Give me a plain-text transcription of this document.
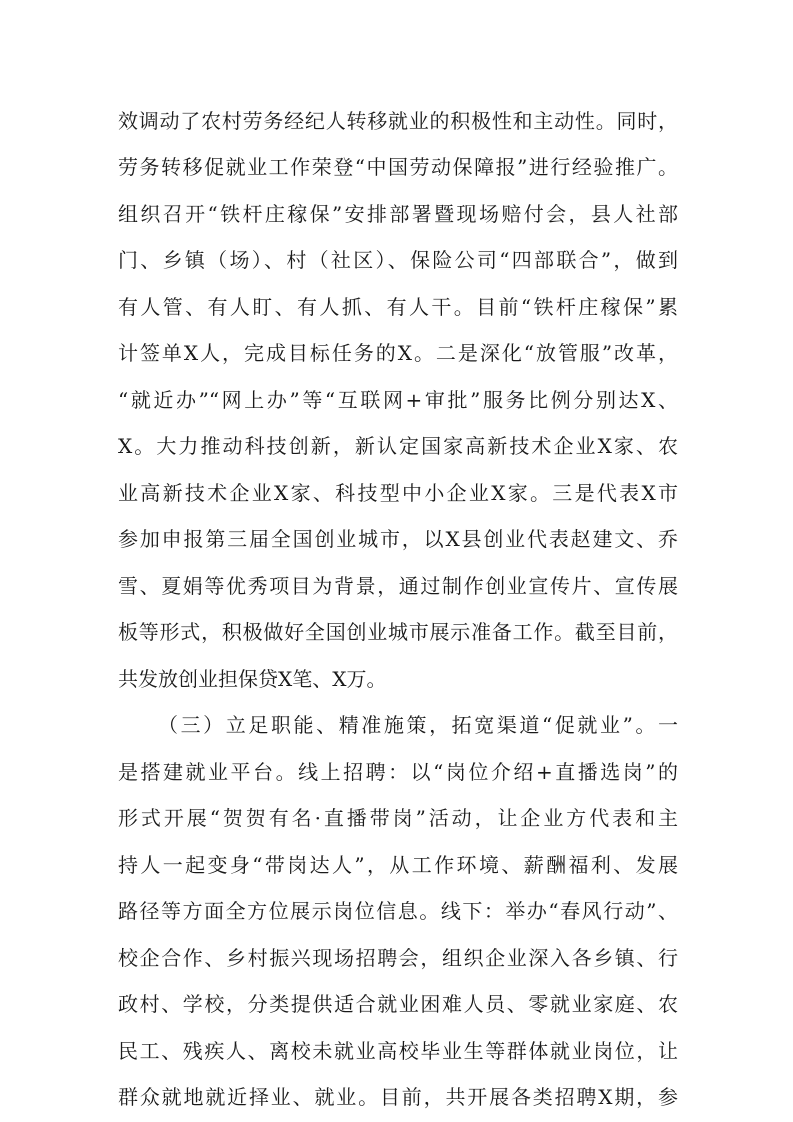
效调动了农村劳务经纪人转移就业的积极性和主动性。同时，
劳务转移促就业工作荣登“中国劳动保障报”进行经验推广。
组织召开“铁杆庄稼保”安排部署暨现场赔付会，县人社部
门、乡镇（场）、村（社区）、保险公司“四部联合”，做到
有人管、有人盯、有人抓、有人干。目前“铁杆庄稼保”累
计签单X人，完成目标任务的X。二是深化“放管服”改革，
“就近办”“网上办”等“互联网+审批”服务比例分别达X、
X。大力推动科技创新，新认定国家高新技术企业X家、农
业高新技术企业X家、科技型中小企业X家。三是代表X市
参加申报第三届全国创业城市，以X县创业代表赵建文、乔
雪、夏娟等优秀项目为背景，通过制作创业宣传片、宣传展
板等形式，积极做好全国创业城市展示准备工作。截至目前，
共发放创业担保贷X笔、X万。
（三）立足职能、精准施策，拓宽渠道“促就业”。一
是搭建就业平台。线上招聘：以“岗位介绍+直播选岗”的
形式开展“贺贺有名·直播带岗”活动，让企业方代表和主
持人一起变身“带岗达人”，从工作环境、薪酬福利、发展
路径等方面全方位展示岗位信息。线下：举办“春风行动”、
校企合作、乡村振兴现场招聘会，组织企业深入各乡镇、行
政村、学校，分类提供适合就业困难人员、零就业家庭、农
民工、残疾人、离校未就业高校毕业生等群体就业岗位，让
群众就地就近择业、就业。目前，共开展各类招聘X期，参
